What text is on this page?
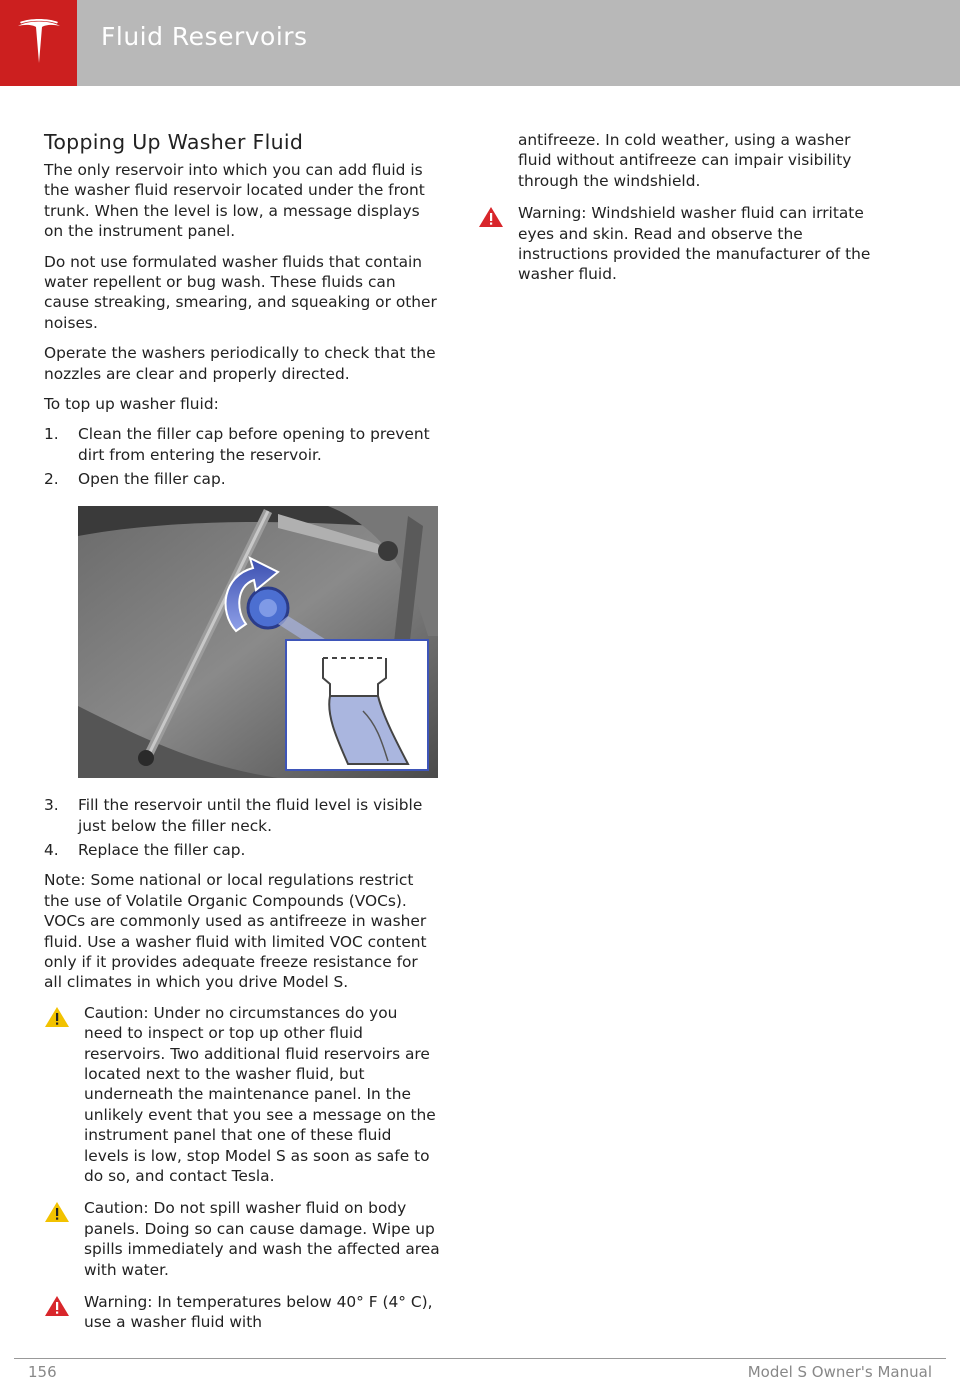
Fluid Reservoirs
Topping Up Washer Fluid

The only reservoir into which you can add fluid is the washer fluid reservoir located under the front trunk. When the level is low, a message displays on the instrument panel.

Do not use formulated washer fluids that contain water repellent or bug wash. These fluids can cause streaking, smearing, and squeaking or other noises.

Operate the washers periodically to check that the nozzles are clear and properly directed.

To top up washer fluid:

1.	Clean the filler cap before opening to prevent dirt from entering the reservoir.
2.	Open the filler cap.
3.	Fill the reservoir until the fluid level is visible just below the filler neck.
4.	Replace the filler cap.

Note: Some national or local regulations restrict the use of Volatile Organic Compounds (VOCs). VOCs are commonly used as antifreeze in washer fluid. Use a washer fluid with limited VOC content only if it provides adequate freeze resistance for all climates in which you drive Model S.

Caution: Under no circumstances do you need to inspect or top up other fluid reservoirs. Two additional fluid reservoirs are located next to the washer fluid, but underneath the maintenance panel. In the unlikely event that you see a message on the instrument panel that one of these fluid levels is low, stop Model S as soon as safe to do so, and contact Tesla.
Caution: Do not spill washer fluid on body panels. Doing so can cause damage. Wipe up spills immediately and wash the affected area with water.
Warning: In temperatures below 40° F (4° C), use a washer fluid with
antifreeze. In cold weather, using a washer fluid without antifreeze can impair visibility through the windshield.
Warning: Windshield washer fluid can irritate eyes and skin. Read and observe the instructions provided the manufacturer of the washer fluid.
156	Model S Owner's Manual
